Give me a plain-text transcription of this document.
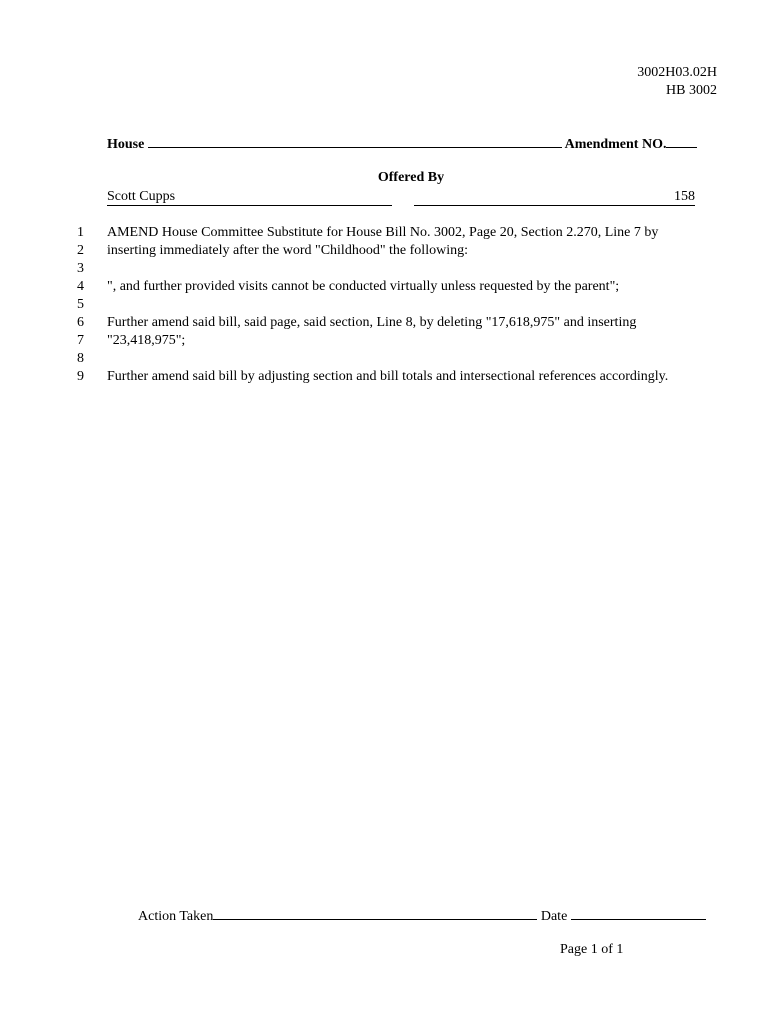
3002H03.02H
HB 3002
House	Amendment NO.
Offered By
Scott Cupps	158
1
2
3
4
5
6
7
8
9
AMEND House Committee Substitute for House Bill No. 3002, Page 20, Section 2.270, Line 7 by
inserting immediately after the word "Childhood" the following:
", and further provided visits cannot be conducted virtually unless requested by the parent";
Further amend said bill, said page, said section, Line 8, by deleting "17,618,975" and inserting
"23,418,975";
Further amend said bill by adjusting section and bill totals and intersectional references accordingly.
Action Taken	Date
Page 1 of 1
